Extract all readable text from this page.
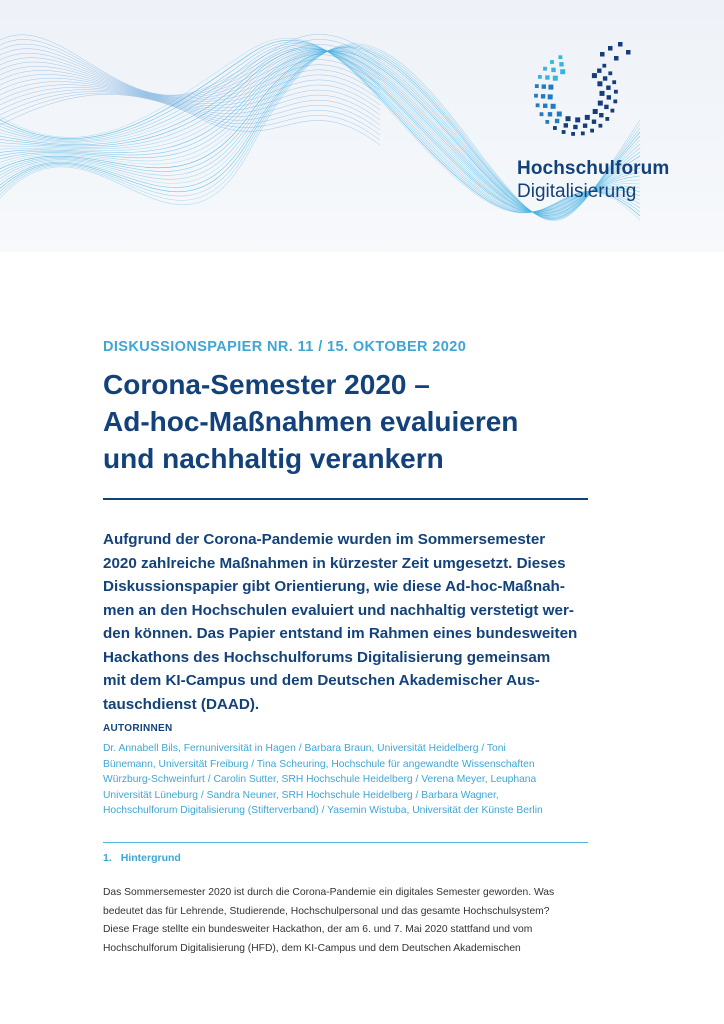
Hochschulforum
Digitalisierung
DISKUSSIONSPAPIER NR. 11 / 15. OKTOBER 2020
Corona-Semester 2020 –
Ad-hoc-Maßnahmen evaluieren
und nachhaltig verankern
Aufgrund der Corona-Pandemie wurden im Sommersemester
2020 zahlreiche Maßnahmen in kürzester Zeit umgesetzt. Dieses
Diskussionspapier gibt Orientierung, wie diese Ad-hoc-Maßnah-
men an den Hochschulen evaluiert und nachhaltig verstetigt wer-
den können. Das Papier entstand im Rahmen eines bundesweiten
Hackathons des Hochschulforums Digitalisierung gemeinsam
mit dem KI-Campus und dem Deutschen Akademischer Aus-
tauschdienst (DAAD).
AUTORINNEN
Dr. Annabell Bils, Fernuniversität in Hagen / Barbara Braun, Universität Heidelberg / Toni
Bünemann, Universität Freiburg / Tina Scheuring, Hochschule für angewandte Wissenschaften
Würzburg-Schweinfurt / Carolin Sutter, SRH Hochschule Heidelberg / Verena Meyer, Leuphana
Universität Lüneburg / Sandra Neuner, SRH Hochschule Heidelberg / Barbara Wagner,
Hochschulforum Digitalisierung (Stifterverband) / Yasemin Wistuba, Universität der Künste Berlin
1. Hintergrund
Das Sommersemester 2020 ist durch die Corona-Pandemie ein digitales Semester geworden. Was
bedeutet das für Lehrende, Studierende, Hochschulpersonal und das gesamte Hochschulsystem?
Diese Frage stellte ein bundesweiter Hackathon, der am 6. und 7. Mai 2020 stattfand und vom
Hochschulforum Digitalisierung (HFD), dem KI-Campus und dem Deutschen Akademischen
